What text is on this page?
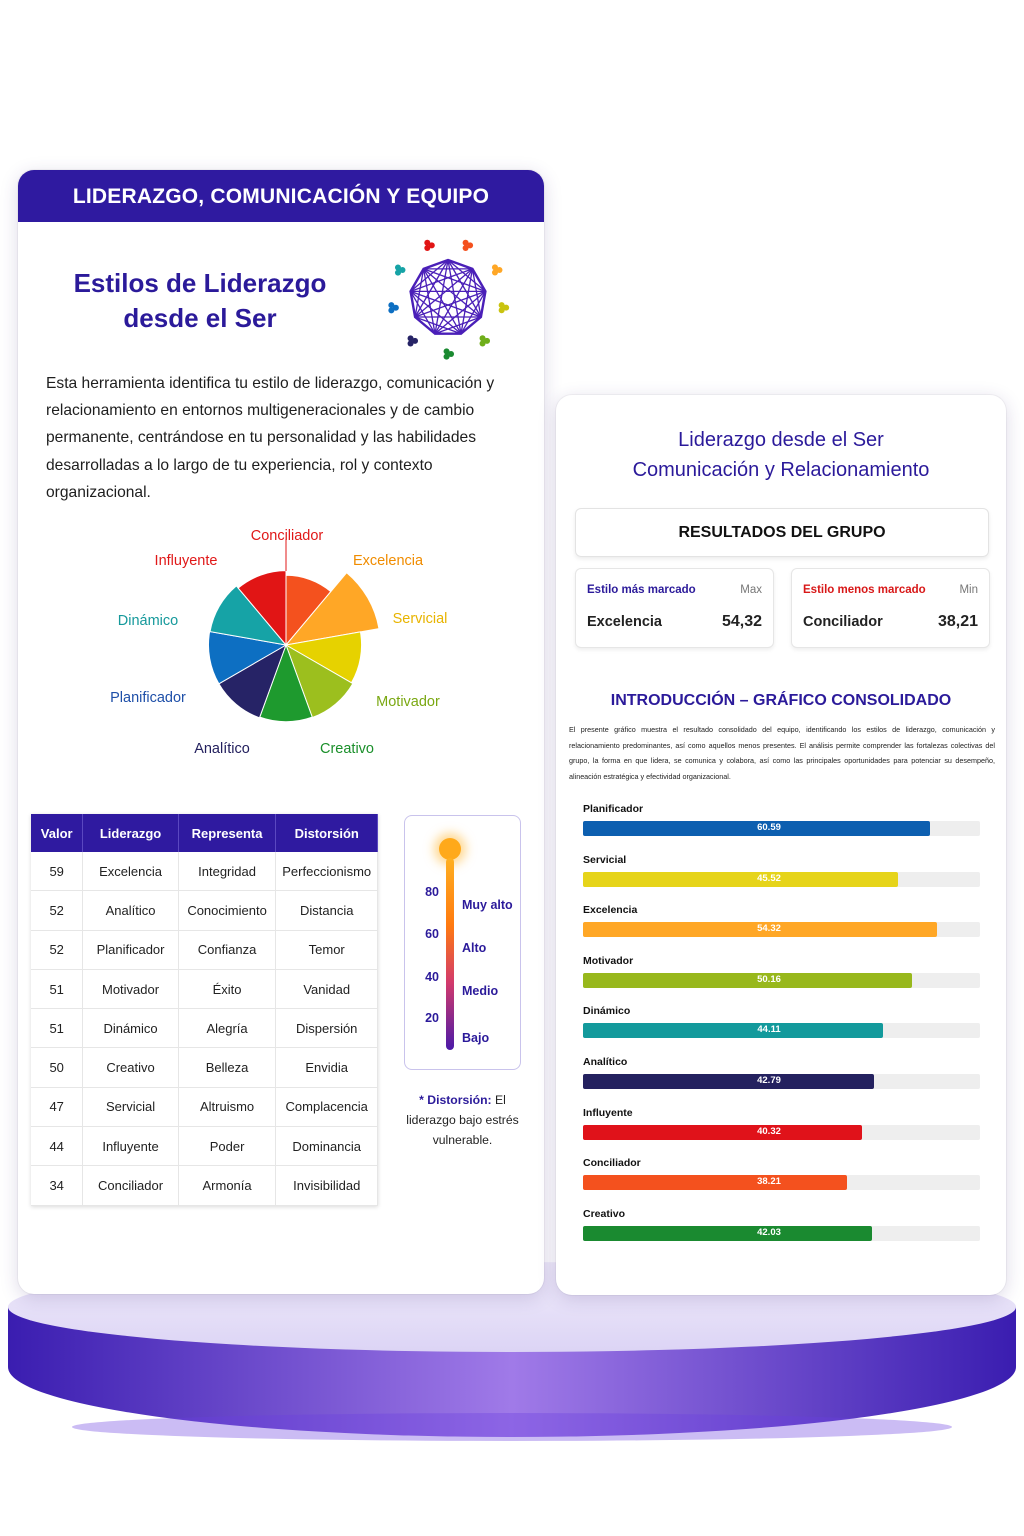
LIDERAZGO, COMUNICACIÓN Y EQUIPO
Estilos de Liderazgo
desde el Ser
Esta herramienta identifica tu estilo de liderazgo, comunicación y relacionamiento en entornos multigeneracionales y de cambio permanente, centrándose en tu personalidad y las habilidades desarrolladas a lo largo de tu experiencia, rol y contexto organizacional.
Conciliador
Excelencia
Servicial
Motivador
Creativo
Analítico
Planificador
Dinámico
Influyente
Valor	Liderazgo	Representa	Distorsión
59	Excelencia	Integridad	Perfeccionismo
52	Analítico	Conocimiento	Distancia
52	Planificador	Confianza	Temor
51	Motivador	Éxito	Vanidad
51	Dinámico	Alegría	Dispersión
50	Creativo	Belleza	Envidia
47	Servicial	Altruismo	Complacencia
44	Influyente	Poder	Dominancia
34	Conciliador	Armonía	Invisibilidad
80
60
40
20
Muy alto
Alto
Medio
Bajo
* Distorsión: El liderazgo bajo estrés vulnerable.
Liderazgo desde el Ser
Comunicación y Relacionamiento
RESULTADOS DEL GRUPO
Estilo más marcado	Max
Excelencia	54,32
Estilo menos marcado	Min
Conciliador	38,21
INTRODUCCIÓN – GRÁFICO CONSOLIDADO
El presente gráfico muestra el resultado consolidado del equipo, identificando los estilos de liderazgo, comunicación y relacionamiento predominantes, así como aquellos menos presentes. El análisis permite comprender las fortalezas colectivas del grupo, la forma en que lidera, se comunica y colabora, así como las principales oportunidades para potenciar su desempeño, alineación estratégica y efectividad organizacional.
Planificador
60.59
Servicial
45.52
Excelencia
54.32
Motivador
50.16
Dinámico
44.11
Analítico
42.79
Influyente
40.32
Conciliador
38.21
Creativo
42.03
